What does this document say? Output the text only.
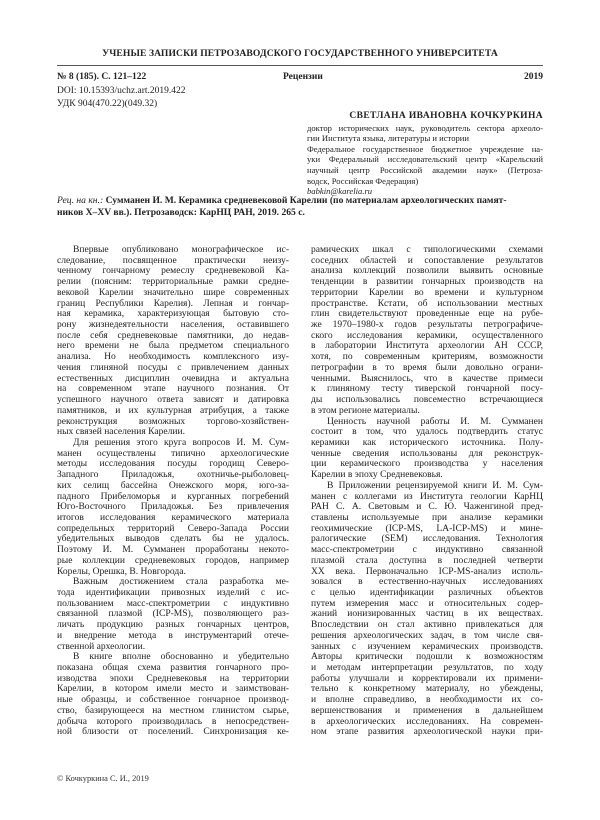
УЧЕНЫЕ ЗАПИСКИ ПЕТРОЗАВОДСКОГО ГОСУДАРСТВЕННОГО УНИВЕРСИТЕТА
№ 8 (185). С. 121–122	Рецензии	2019
DOI: 10.15393/uchz.art.2019.422
УДК 904(470.22)(049.32)
СВЕТЛАНА ИВАНОВНА КОЧКУРКИНА
доктор исторических наук, руководитель сектора археоло-
гии Института языка, литературы и истории
Федеральное государственное бюджетное учреждение на-
уки Федеральный исследовательский центр «Карельский
научный центр Российской академии наук» (Петроза-
водск, Российская Федерация)
babkin@karelia.ru
Рец. на кн.: Сумманен И. М. Керамика средневековой Карелии (по материалам археологических памят-
ников X–XV вв.). Петрозаводск: КарНЦ РАН, 2019. 265 с.
Впервые опубликовано монографическое ис-
следование, посвященное практически неизу-
ченному гончарному ремеслу средневековой Ка-
релии (поясним: территориальные рамки средне-
вековой Карелии значительно шире современных
границ Республики Карелия). Лепная и гончар-
ная керамика, характеризующая бытовую сто-
рону жизнедеятельности населения, оставившего
после себя средневековые памятники, до недав-
него времени не была предметом специального
анализа. Но необходимость комплексного изу-
чения глиняной посуды с привлечением данных
естественных дисциплин очевидна и актуальна
на современном этапе научного познания. От
успешного научного ответа зависят и датировка
памятников, и их культурная атрибуция, а также
реконструкция возможных торгово-хозяйствен-
ных связей населения Карелии.
Для решения этого круга вопросов И. М. Сум-
манен осуществлены типично археологические
методы исследования посуды городищ Северо-
Западного Приладожья, охотничье-рыболовец-
ких селищ бассейна Онежского моря, юго-за-
падного Прибеломорья и курганных погребений
Юго-Восточного Приладожья. Без привлечения
итогов исследования керамического материала
сопредельных территорий Северо-Запада России
убедительных выводов сделать бы не удалось.
Поэтому И. М. Сумманен проработаны некото-
рые коллекции средневековых городов, например
Корелы, Орешка, В. Новгорода.
Важным достижением стала разработка ме-
тода идентификации привозных изделий с ис-
пользованием масс-спектрометрии с индуктивно
связанной плазмой (ICP-MS), позволяющего раз-
личать продукцию разных гончарных центров,
и внедрение метода в инструментарий отече-
ственной археологии.
В книге вполне обоснованно и убедительно
показана общая схема развития гончарного про-
изводства эпохи Средневековья на территории
Карелии, в котором имели место и заимствован-
ные образцы, и собственное гончарное производ-
ство, базирующееся на местном глинистом сырье,
добыча которого производилась в непосредствен-
ной близости от поселений. Синхронизация ке-
рамических шкал с типологическими схемами
соседних областей и сопоставление результатов
анализа коллекций позволили выявить основные
тенденции в развитии гончарных производств на
территории Карелии во времени и культурном
пространстве. Кстати, об использовании местных
глин свидетельствуют проведенные еще на рубе-
же 1970–1980-х годов результаты петрографиче-
ского исследования керамики, осуществленного
в лаборатории Института археологии АН СССР,
хотя, по современным критериям, возможности
петрографии в то время были довольно ограни-
ченными. Выяснилось, что в качестве примеси
к глиняному тесту тиверской гончарной посу-
ды использовались повсеместно встречающиеся
в этом регионе материалы.
Ценность научной работы И. М. Сумманен
состоит в том, что удалось подтвердить статус
керамики как исторического источника. Полу-
ченные сведения использованы для реконструк-
ции керамического производства у населения
Карелии в эпоху Средневековья.
В Приложении рецензируемой книги И. М. Сум-
манен с коллегами из Института геологии КарНЦ
РАН С. А. Световым и С. Ю. Чаженгиной пред-
ставлены используемые при анализе керамики
геохимические (ICP-MS, LA-ICP-MS) и мине-
ралогические (SEM) исследования. Технология
масс-спектрометрии с индуктивно связанной
плазмой стала доступна в последней четверти
XX века. Первоначально ICP-MS-анализ исполь-
зовался в естественно-научных исследованиях
с целью идентификации различных объектов
путем измерения масс и относительных содер-
жаний ионизированных частиц в их веществах.
Впоследствии он стал активно привлекаться для
решения археологических задач, в том числе свя-
занных с изучением керамических производств.
Авторы критически подошли к возможностям
и методам интерпретации результатов, по ходу
работы улучшали и корректировали их примени-
тельно к конкретному материалу, но убеждены,
и вполне справедливо, в необходимости их со-
вершенствования и применения в дальнейшем
в археологических исследованиях. На современ-
ном этапе развития археологической науки при-
© Кочкуркина С. И., 2019
